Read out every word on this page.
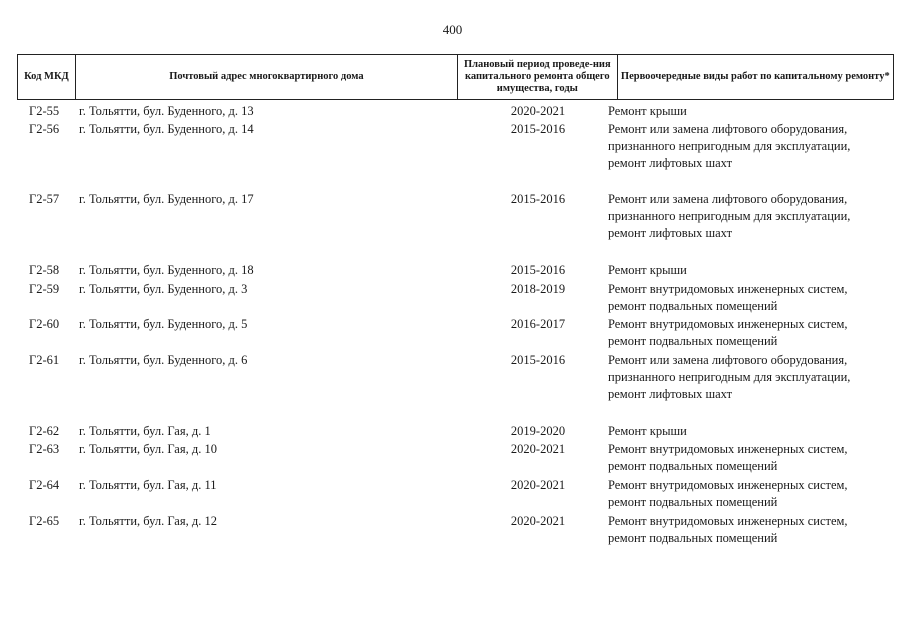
400
Код МКД	Почтовый адрес многоквартирного дома
Плановый период проведе-ния капитального ремонта общего имущества, годы
Первоочередные виды работ по капитальному ремонту*
Г2-55 г. Тольятти, бул. Буденного, д. 13	2020-2021	Ремонт крыши
Г2-56 г. Тольятти, бул. Буденного, д. 14	2015-2016	Ремонт или замена лифтового оборудования,
признанного непригодным для эксплуатации,
ремонт лифтовых шахт
Г2-57 г. Тольятти, бул. Буденного, д. 17	2015-2016	Ремонт или замена лифтового оборудования,
признанного непригодным для эксплуатации,
ремонт лифтовых шахт
Г2-58 г. Тольятти, бул. Буденного, д. 18	2015-2016	Ремонт крыши
Г2-59 г. Тольятти, бул. Буденного, д. 3	2018-2019	Ремонт внутридомовых инженерных систем,
ремонт подвальных помещений
Г2-60 г. Тольятти, бул. Буденного, д. 5	2016-2017	Ремонт внутридомовых инженерных систем,
ремонт подвальных помещений
Г2-61 г. Тольятти, бул. Буденного, д. 6	2015-2016	Ремонт или замена лифтового оборудования,
признанного непригодным для эксплуатации,
ремонт лифтовых шахт
Г2-62 г. Тольятти, бул. Гая, д. 1	2019-2020	Ремонт крыши
Г2-63 г. Тольятти, бул. Гая, д. 10	2020-2021	Ремонт внутридомовых инженерных систем,
ремонт подвальных помещений
Г2-64 г. Тольятти, бул. Гая, д. 11	2020-2021	Ремонт внутридомовых инженерных систем,
ремонт подвальных помещений
Г2-65 г. Тольятти, бул. Гая, д. 12	2020-2021	Ремонт внутридомовых инженерных систем,
ремонт подвальных помещений
